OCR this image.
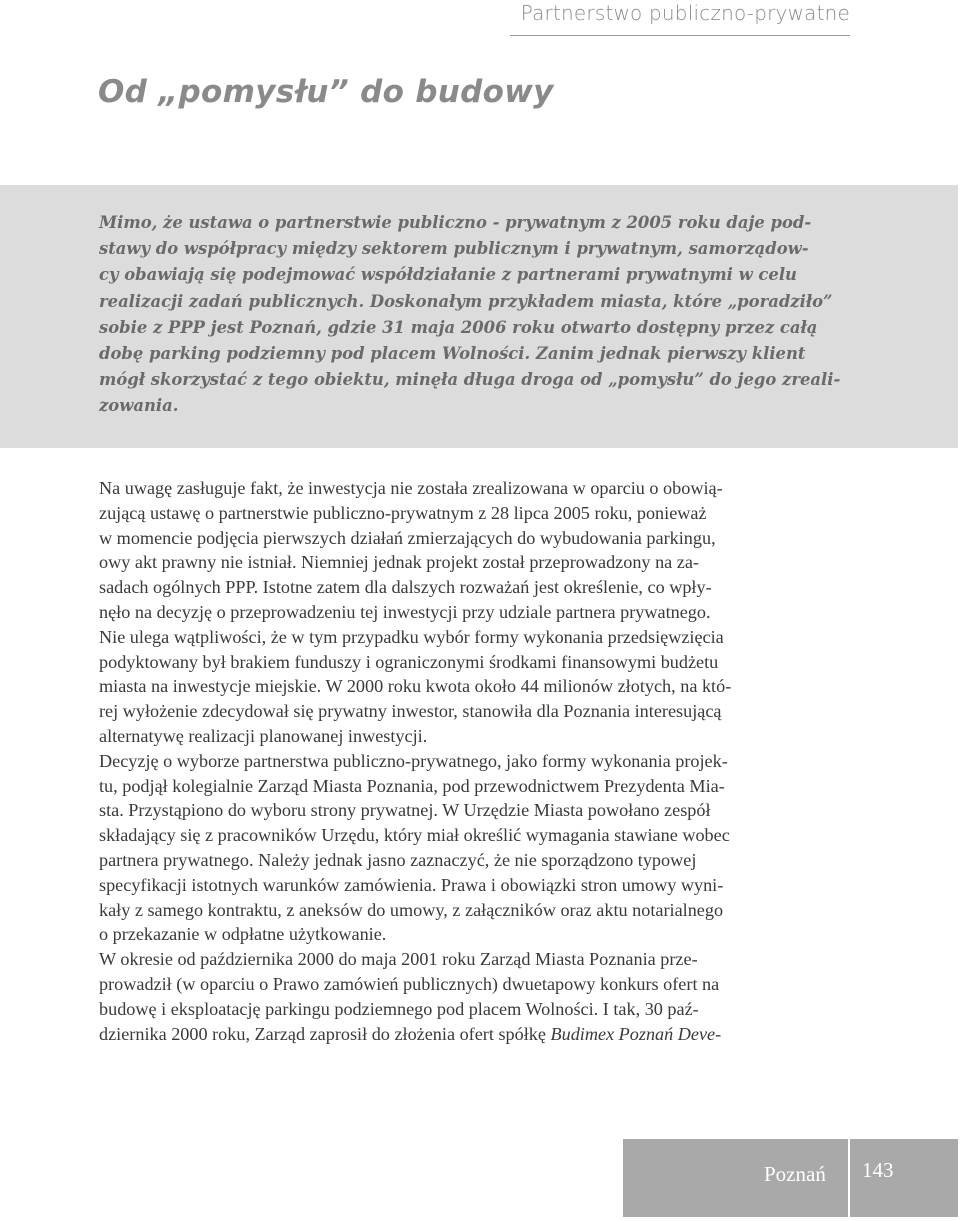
Partnerstwo publiczno-prywatne
Od „pomysłu” do budowy

Mimo, że ustawa o partnerstwie publiczno - prywatnym z 2005 roku daje pod-
stawy do współpracy między sektorem publicznym i prywatnym, samorządow-
cy obawiają się podejmować współdziałanie z partnerami prywatnymi w celu
realizacji zadań publicznych. Doskonałym przykładem miasta, które „poradziło”
sobie z PPP jest Poznań, gdzie 31 maja 2006 roku otwarto dostępny przez całą
dobę parking podziemny pod placem Wolności. Zanim jednak pierwszy klient
mógł skorzystać z tego obiektu, minęła długa droga od „pomysłu” do jego zreali-
zowania.

Na uwagę zasługuje fakt, że inwestycja nie została zrealizowana w oparciu o obowią-
zującą ustawę o partnerstwie publiczno-prywatnym z 28 lipca 2005 roku, ponieważ
w momencie podjęcia pierwszych działań zmierzających do wybudowania parkingu,
owy akt prawny nie istniał. Niemniej jednak projekt został przeprowadzony na za-
sadach ogólnych PPP. Istotne zatem dla dalszych rozważań jest określenie, co wpły-
nęło na decyzję o przeprowadzeniu tej inwestycji przy udziale partnera prywatnego.
Nie ulega wątpliwości, że w tym przypadku wybór formy wykonania przedsięwzięcia
podyktowany był brakiem funduszy i ograniczonymi środkami finansowymi budżetu
miasta na inwestycje miejskie. W 2000 roku kwota około 44 milionów złotych, na któ-
rej wyłożenie zdecydował się prywatny inwestor, stanowiła dla Poznania interesującą
alternatywę realizacji planowanej inwestycji.
Decyzję o wyborze partnerstwa publiczno-prywatnego, jako formy wykonania projek-
tu, podjął kolegialnie Zarząd Miasta Poznania, pod przewodnictwem Prezydenta Mia-
sta. Przystąpiono do wyboru strony prywatnej. W Urzędzie Miasta powołano zespół
składający się z pracowników Urzędu, który miał określić wymagania stawiane wobec
partnera prywatnego. Należy jednak jasno zaznaczyć, że nie sporządzono typowej
specyfikacji istotnych warunków zamówienia. Prawa i obowiązki stron umowy wyni-
kały z samego kontraktu, z aneksów do umowy, z załączników oraz aktu notarialnego
o przekazanie w odpłatne użytkowanie.
W okresie od października 2000 do maja 2001 roku Zarząd Miasta Poznania prze-
prowadził (w oparciu o Prawo zamówień publicznych) dwuetapowy konkurs ofert na
budowę i eksploatację parkingu podziemnego pod placem Wolności. I tak, 30 paź-
dziernika 2000 roku, Zarząd zaprosił do złożenia ofert spółkę Budimex Poznań Deve-
Poznań 143
